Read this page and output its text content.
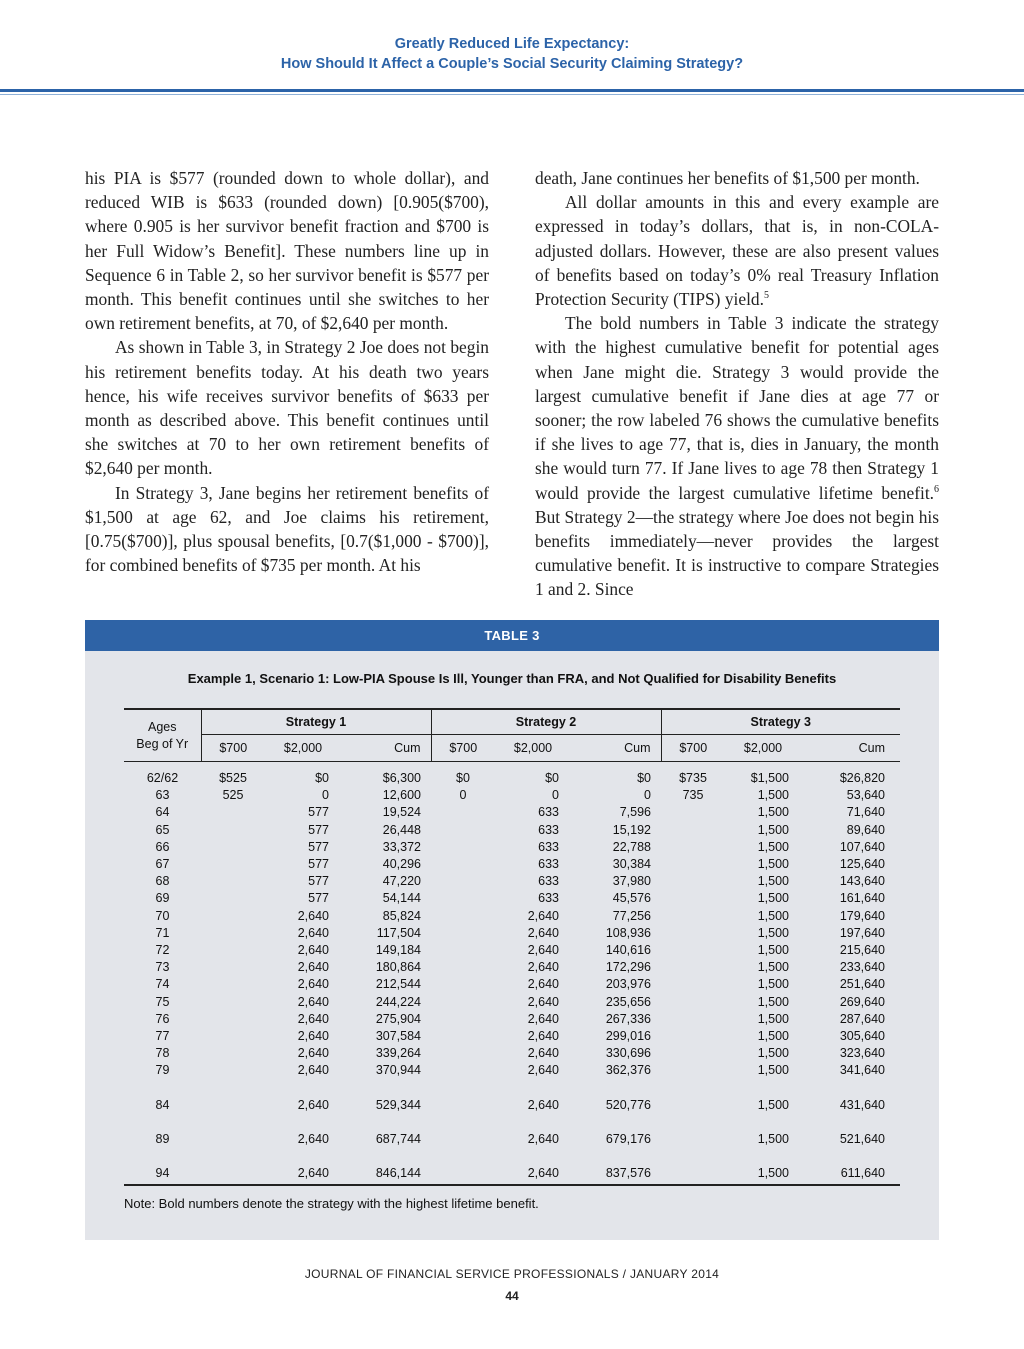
Greatly Reduced Life Expectancy:
How Should It Affect a Couple’s Social Security Claiming Strategy?

his PIA is $577 (rounded down to whole dollar), and reduced WIB is $633 (rounded down) [0.905($700), where 0.905 is her survivor benefit fraction and $700 is her Full Widow’s Benefit]. These numbers line up in Sequence 6 in Table 2, so her survivor benefit is $577 per month. This benefit continues until she switches to her own retirement benefits, at 70, of $2,640 per month.

As shown in Table 3, in Strategy 2 Joe does not begin his retirement benefits today. At his death two years hence, his wife receives survivor benefits of $633 per month as described above. This benefit continues until she switches at 70 to her own retirement benefits of $2,640 per month.

In Strategy 3, Jane begins her retirement benefits of $1,500 at age 62, and Joe claims his retirement, [0.75($700)], plus spousal benefits, [0.7($1,000 - $700)], for combined benefits of $735 per month. At his

death, Jane continues her benefits of $1,500 per month.

All dollar amounts in this and every example are expressed in today’s dollars, that is, in non-COLA-adjusted dollars. However, these are also present values of benefits based on today’s 0% real Treasury Inflation Protection Security (TIPS) yield.$^5$

The bold numbers in Table 3 indicate the strategy with the highest cumulative benefit for potential ages when Jane might die. Strategy 3 would provide the largest cumulative benefit if Jane dies at age 77 or sooner; the row labeled 76 shows the cumulative benefits if she lives to age 77, that is, dies in January, the month she would turn 77. If Jane lives to age 78 then Strategy 1 would provide the largest cumulative lifetime benefit.$^6$ But Strategy 2—the strategy where Joe does not begin his benefits immediately—never provides the largest cumulative benefit. It is instructive to compare Strategies 1 and 2. Since

TABLE 3
Example 1, Scenario 1: Low-PIA Spouse Is Ill, Younger than FRA, and Not Qualified for Disability Benefits
Ages
Beg of Yr	Strategy 1			Strategy 2			Strategy 3		
	$700	$2,000	Cum	$700	$2,000	Cum	$700	$2,000	Cum
62/62	$525	$0	$6,300	$0	$0	$0	$735	$1,500	$26,820
63	525	0	12,600	0	0	0	735	1,500	53,640
64		577	19,524		633	7,596		1,500	71,640
65		577	26,448		633	15,192		1,500	89,640
66		577	33,372		633	22,788		1,500	107,640
67		577	40,296		633	30,384		1,500	125,640
68		577	47,220		633	37,980		1,500	143,640
69		577	54,144		633	45,576		1,500	161,640
70		2,640	85,824		2,640	77,256		1,500	179,640
71		2,640	117,504		2,640	108,936		1,500	197,640
72		2,640	149,184		2,640	140,616		1,500	215,640
73		2,640	180,864		2,640	172,296		1,500	233,640
74		2,640	212,544		2,640	203,976		1,500	251,640
75		2,640	244,224		2,640	235,656		1,500	269,640
76		2,640	275,904		2,640	267,336		1,500	287,640
77		2,640	307,584		2,640	299,016		1,500	305,640
78		2,640	339,264		2,640	330,696		1,500	323,640
79		2,640	370,944		2,640	362,376		1,500	341,640
84		2,640	529,344		2,640	520,776		1,500	431,640
89		2,640	687,744		2,640	679,176		1,500	521,640
94		2,640	846,144		2,640	837,576		1,500	611,640
Note: Bold numbers denote the strategy with the highest lifetime benefit.
JOURNAL OF FINANCIAL SERVICE PROFESSIONALS / JANUARY 2014
44
